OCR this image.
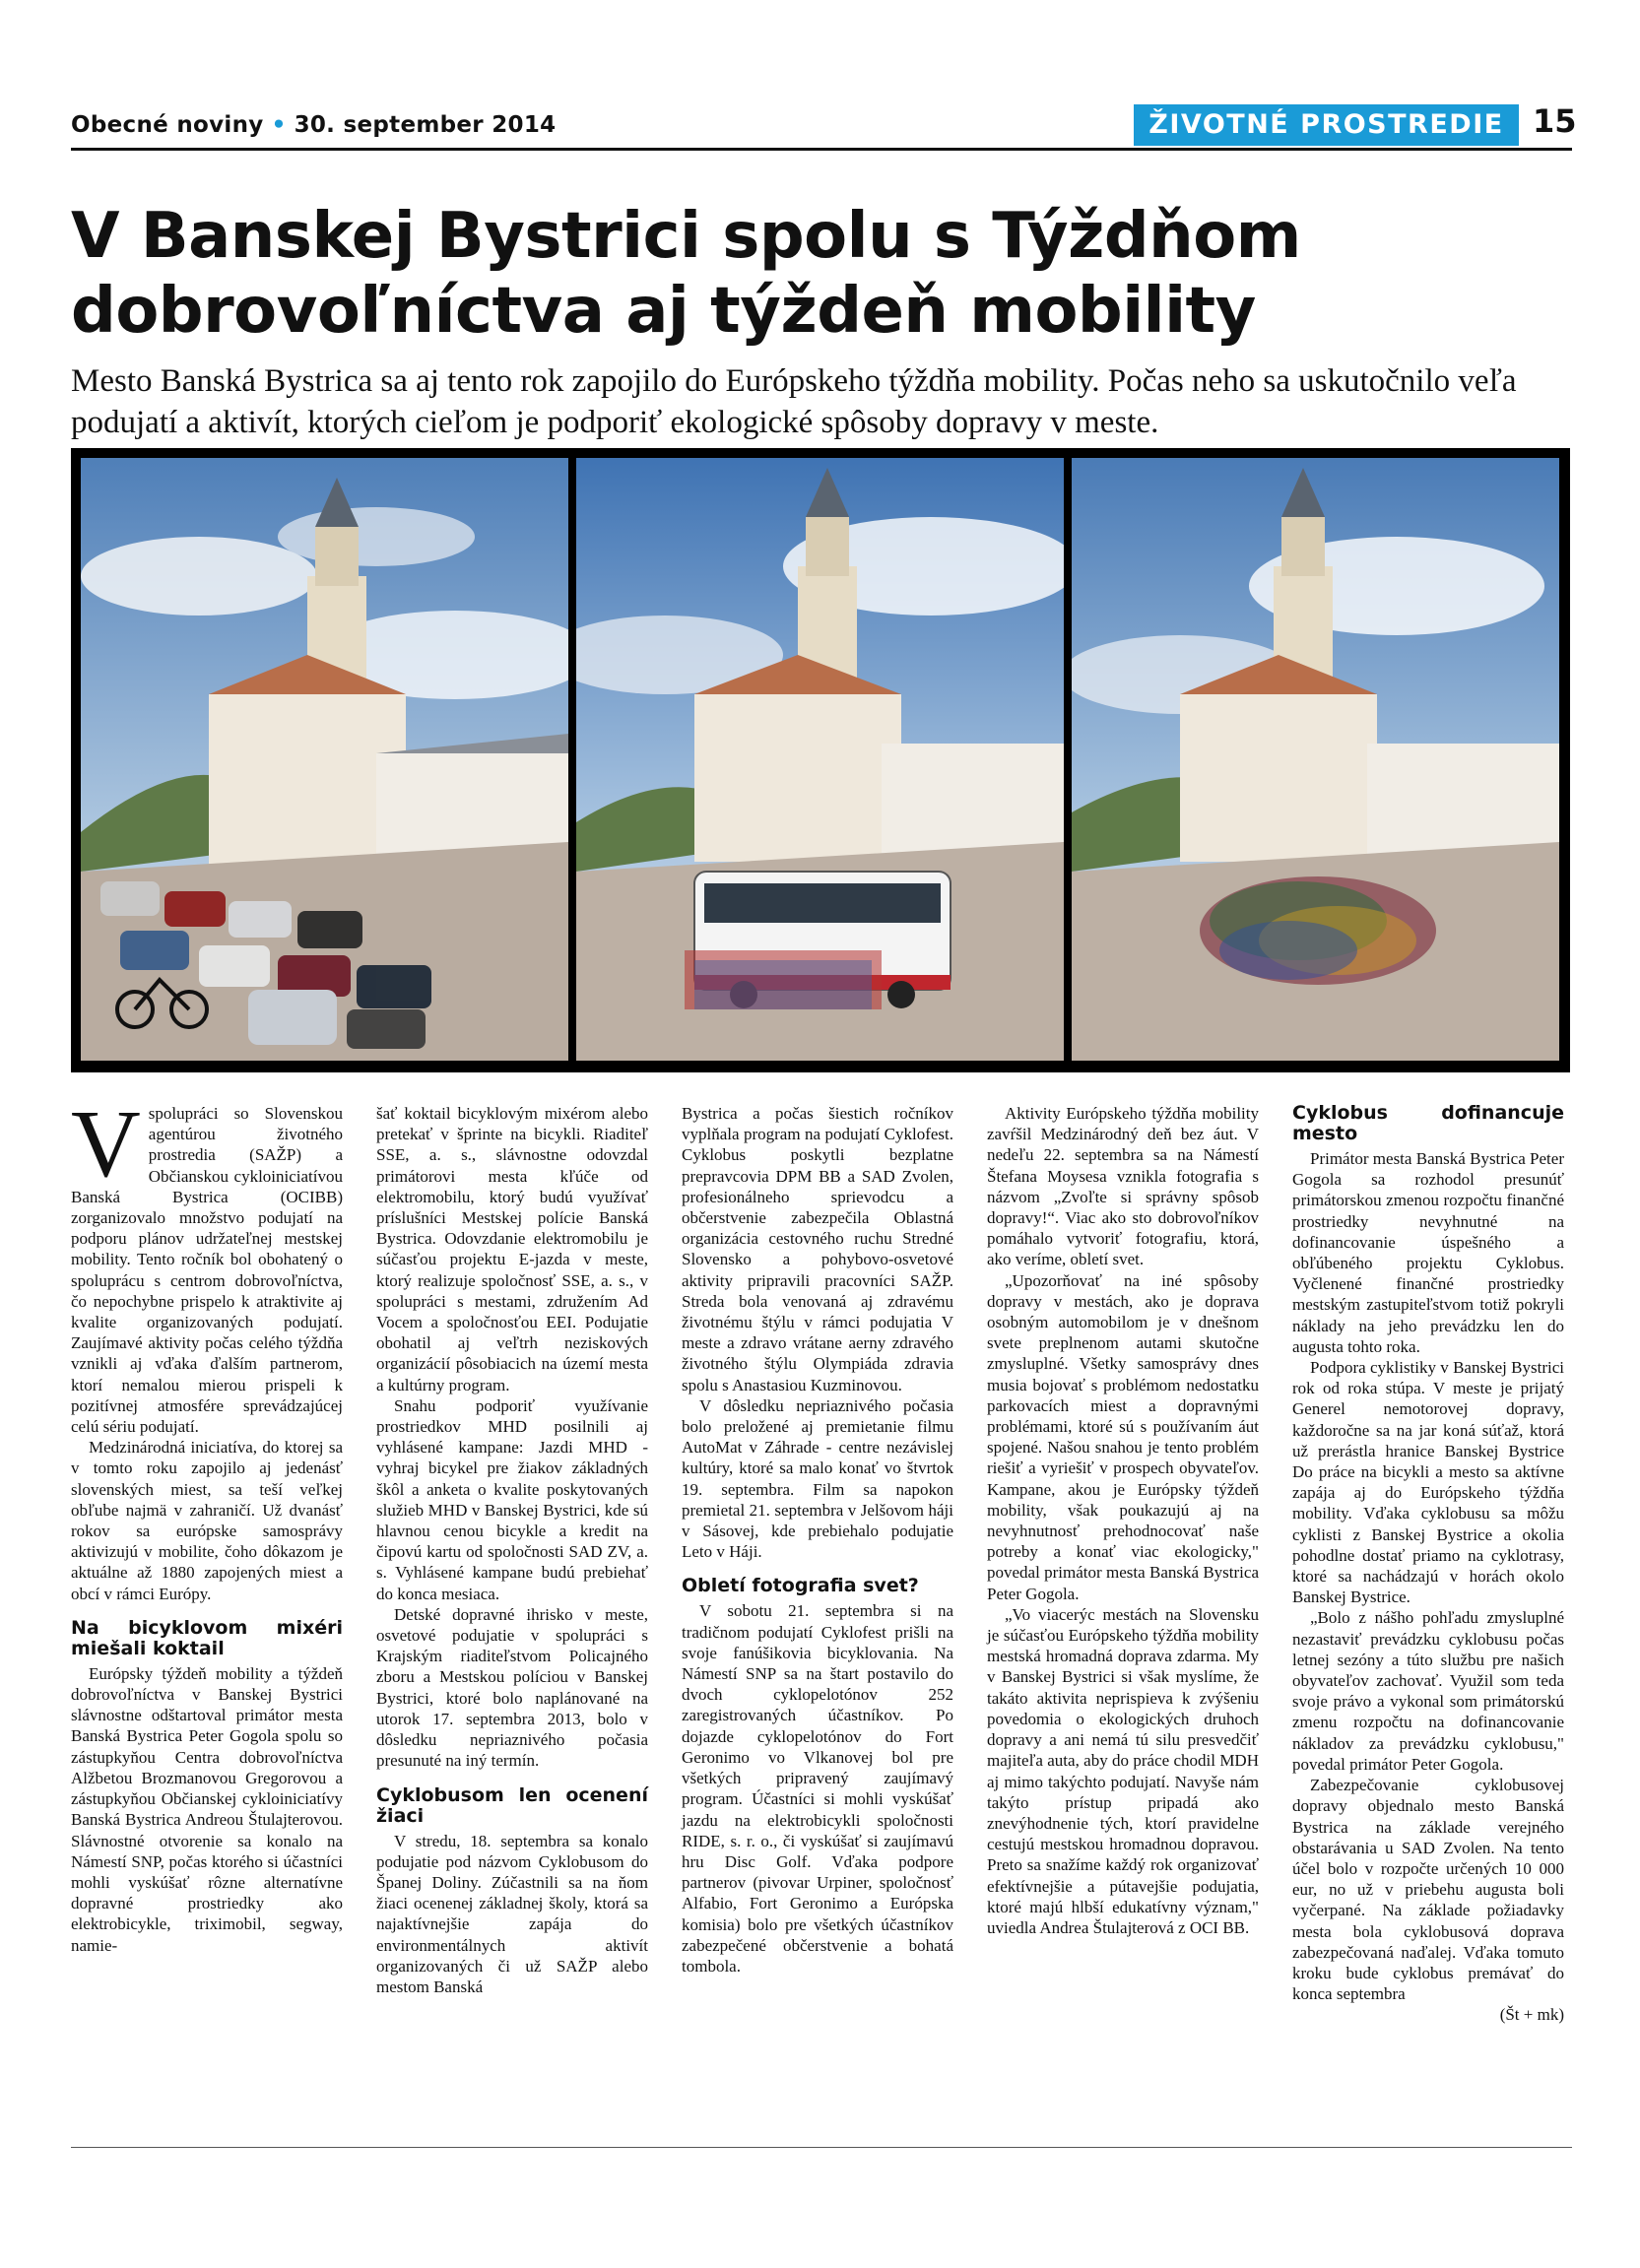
Obecné noviny • 30. september 2014	ŽIVOTNÉ PROSTREDIE 15
V Banskej Bystrici spolu s Týždňom
dobrovoľníctva aj týždeň mobility

Mesto Banská Bystrica sa aj tento rok zapojilo do Európskeho týždňa mobility. Počas neho sa uskutočnilo veľa podujatí a aktivít, ktorých cieľom je podporiť ekologické spôsoby dopravy v meste.

Vspolupráci so Slovenskou agentúrou životného prostredia (SAŽP) a Občianskou cykloiniciatívou Banská Bystrica (OCIBB) zorganizovalo množstvo podujatí na podporu plánov udržateľnej mestskej mobility. Tento ročník bol obohatený o spoluprácu s centrom dobrovoľníctva, čo nepochybne prispelo k atraktivite aj kvalite organizovaných podujatí. Zaujímavé aktivity počas celého týždňa vznikli aj vďaka ďalším partnerom, ktorí nemalou mierou prispeli k pozitívnej atmosfére sprevádzajúcej celú sériu podujatí.

Medzinárodná iniciatíva, do ktorej sa v tomto roku zapojilo aj jedenásť slovenských miest, sa teší veľkej obľube najmä v zahraničí. Už dvanásť rokov sa európske samosprávy aktivizujú v mobilite, čoho dôkazom je aktuálne až 1880 zapojených miest a obcí v rámci Európy.

Na bicyklovom mixéri miešali koktail

Európsky týždeň mobility a týždeň dobrovoľníctva v Banskej Bystrici slávnostne odštartoval primátor mesta Banská Bystrica Peter Gogola spolu so zástupkyňou Centra dobrovoľníctva Alžbetou Brozmanovou Gregorovou a zástupkyňou Občianskej cykloiniciatívy Banská Bystrica Andreou Štulajterovou. Slávnostné otvorenie sa konalo na Námestí SNP, počas ktorého si účastníci mohli vyskúšať rôzne alternatívne dopravné prostriedky ako elektrobicykle, triximobil, segway, namie-

šať koktail bicyklovým mixérom alebo pretekať v šprinte na bicykli. Riaditeľ SSE, a. s., slávnostne odovzdal primátorovi mesta kľúče od elektromobilu, ktorý budú využívať príslušníci Mestskej polície Banská Bystrica. Odovzdanie elektromobilu je súčasťou projektu E-jazda v meste, ktorý realizuje spoločnosť SSE, a. s., v spolupráci s mestami, združením Ad Vocem a spoločnosťou EEI. Podujatie obohatil aj veľtrh neziskových organizácií pôsobiacich na území mesta a kultúrny program.

Snahu podporiť využívanie prostriedkov MHD posilnili aj vyhlásené kampane: Jazdi MHD - vyhraj bicykel pre žiakov základných škôl a anketa o kvalite poskytovaných služieb MHD v Banskej Bystrici, kde sú hlavnou cenou bicykle a kredit na čipovú kartu od spoločnosti SAD ZV, a. s. Vyhlásené kampane budú prebiehať do konca mesiaca.

Detské dopravné ihrisko v meste, osvetové podujatie v spolupráci s Krajským riaditeľstvom Policajného zboru a Mestskou políciou v Banskej Bystrici, ktoré bolo naplánované na utorok 17. septembra 2013, bolo v dôsledku nepriaznivého počasia presunuté na iný termín.

Cyklobusom len ocenení žiaci

V stredu, 18. septembra sa konalo podujatie pod názvom Cyklobusom do Španej Doliny. Zúčastnili sa na ňom žiaci ocenenej základnej školy, ktorá sa najaktívnejšie zapája do environmentálnych aktivít organizovaných či už SAŽP alebo mestom Banská

Bystrica a počas šiestich ročníkov vyplňala program na podujatí Cyklofest. Cyklobus poskytli bezplatne prepravcovia DPM BB a SAD Zvolen, profesionálneho sprievodcu a občerstvenie zabezpečila Oblastná organizácia cestovného ruchu Stredné Slovensko a pohybovo-osvetové aktivity pripravili pracovníci SAŽP. Streda bola venovaná aj zdravému životnému štýlu v rámci podujatia V meste a zdravo vrátane aerny zdravého životného štýlu Olympiáda zdravia spolu s Anastasiou Kuzminovou.

V dôsledku nepriaznivého počasia bolo preložené aj premietanie filmu AutoMat v Záhrade - centre nezávislej kultúry, ktoré sa malo konať vo štvrtok 19. septembra. Film sa napokon premietal 21. septembra v Jelšovom háji v Sásovej, kde prebiehalo podujatie Leto v Háji.

Obletí fotografia svet?

V sobotu 21. septembra si na tradičnom podujatí Cyklofest prišli na svoje fanúšikovia bicyklovania. Na Námestí SNP sa na štart postavilo do dvoch cyklopelotónov 252 zaregistrovaných účastníkov. Po dojazde cyklopelotónov do Fort Geronimo vo Vlkanovej bol pre všetkých pripravený zaujímavý program. Účastníci si mohli vyskúšať jazdu na elektrobicykli spoločnosti RIDE, s. r. o., či vyskúšať si zaujímavú hru Disc Golf. Vďaka podpore partnerov (pivovar Urpiner, spoločnosť Alfabio, Fort Geronimo a Európska komisia) bolo pre všetkých účastníkov zabezpečené občerstvenie a bohatá tombola.

Aktivity Európskeho týždňa mobility zavŕšil Medzinárodný deň bez áut. V nedeľu 22. septembra sa na Námestí Štefana Moysesa vznikla fotografia s názvom „Zvoľte si správny spôsob dopravy!“. Viac ako sto dobrovoľníkov pomáhalo vytvoriť fotografiu, ktorá, ako veríme, obletí svet.

„Upozorňovať na iné spôsoby dopravy v mestách, ako je doprava osobným automobilom je v dnešnom svete preplnenom autami skutočne zmysluplné. Všetky samosprávy dnes musia bojovať s problémom nedostatku parkovacích miest a dopravnými problémami, ktoré sú s používaním áut spojené. Našou snahou je tento problém riešiť a vyriešiť v prospech obyvateľov. Kampane, akou je Európsky týždeň mobility, však poukazujú aj na nevyhnutnosť prehodnocovať naše potreby a konať viac ekologicky," povedal primátor mesta Banská Bystrica Peter Gogola.

„Vo viacerýc mestách na Slovensku je súčasťou Európskeho týždňa mobility mestská hromadná doprava zdarma. My v Banskej Bystrici si však myslíme, že takáto aktivita neprispieva k zvýšeniu povedomia o ekologických druhoch dopravy a ani nemá tú silu presvedčiť majiteľa auta, aby do práce chodil MDH aj mimo takýchto podujatí. Navyše nám takýto prístup pripadá ako znevýhodnenie tých, ktorí pravidelne cestujú mestskou hromadnou dopravou. Preto sa snažíme každý rok organizovať efektívnejšie a pútavejšie podujatia, ktoré majú hlbší edukatívny význam," uviedla Andrea Štulajterová z OCI BB.

Cyklobus dofinancuje mesto

Primátor mesta Banská Bystrica Peter Gogola sa rozhodol presunúť primátorskou zmenou rozpočtu finančné prostriedky nevyhnutné na dofinancovanie úspešného a obľúbeného projektu Cyklobus. Vyčlenené finančné prostriedky mestským zastupiteľstvom totiž pokryli náklady na jeho prevádzku len do augusta tohto roka.

Podpora cyklistiky v Banskej Bystrici rok od roka stúpa. V meste je prijatý Generel nemotorovej dopravy, každoročne sa na jar koná súťaž, ktorá už prerástla hranice Banskej Bystrice Do práce na bicykli a mesto sa aktívne zapája aj do Európskeho týždňa mobility. Vďaka cyklobusu sa môžu cyklisti z Banskej Bystrice a okolia pohodlne dostať priamo na cyklotrasy, ktoré sa nachádzajú v horách okolo Banskej Bystrice.

„Bolo z nášho pohľadu zmysluplné nezastaviť prevádzku cyklobusu počas letnej sezóny a túto službu pre našich obyvateľov zachovať. Využil som teda svoje právo a vykonal som primátorskú zmenu rozpočtu na dofinancovanie nákladov za prevádzku cyklobusu," povedal primátor Peter Gogola.

Zabezpečovanie cyklobusovej dopravy objednalo mesto Banská Bystrica na základe verejného obstarávania u SAD Zvolen. Na tento účel bolo v rozpočte určených 10 000 eur, no už v priebehu augusta boli vyčerpané. Na základe požiadavky mesta bola cyklobusová doprava zabezpečovaná naďalej. Vďaka tomuto kroku bude cyklobus premávať do konca septembra

(Št + mk)
